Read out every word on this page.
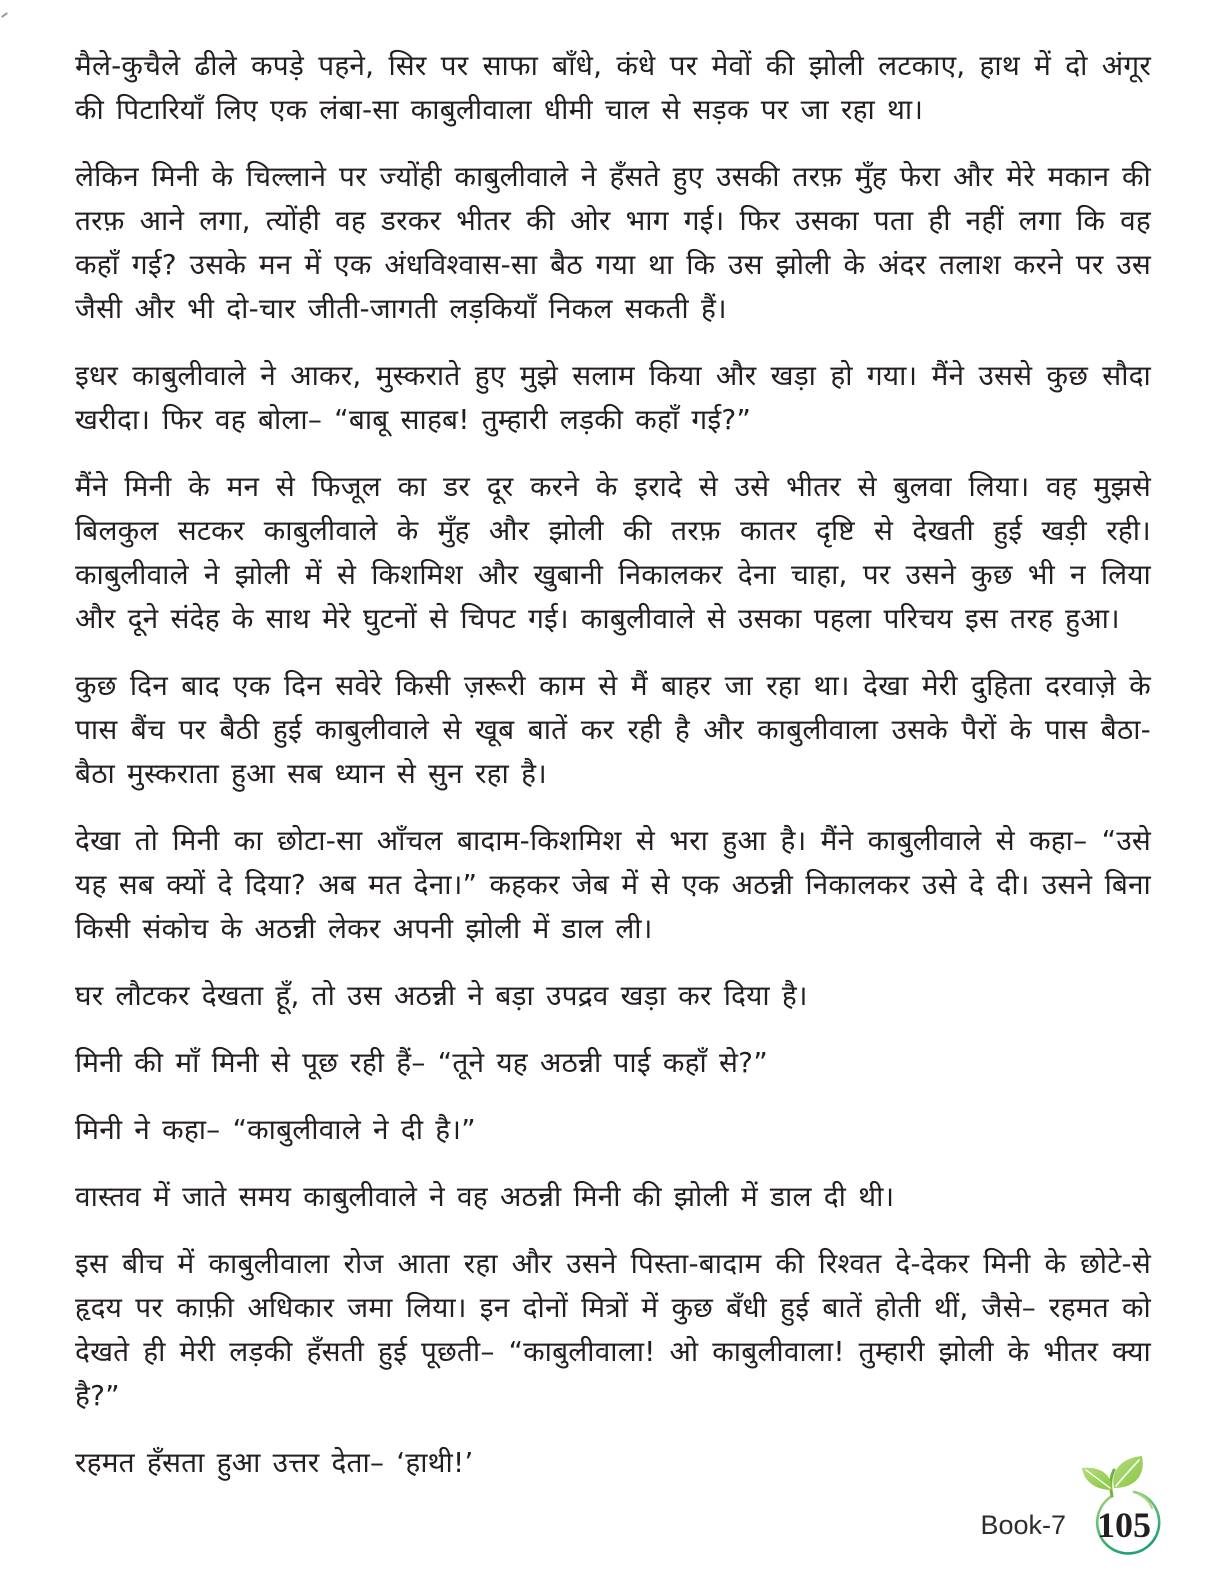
मैले-कुचैले ढीले कपड़े पहने, सिर पर साफा बाँधे, कंधे पर मेवों की झोली लटकाए, हाथ में दो अंगूर की पिटारियाँ लिए एक लंबा-सा काबुलीवाला धीमी चाल से सड़क पर जा रहा था।

लेकिन मिनी के चिल्लाने पर ज्योंही काबुलीवाले ने हँसते हुए उसकी तरफ़ मुँह फेरा और मेरे मकान की तरफ़ आने लगा, त्योंही वह डरकर भीतर की ओर भाग गई। फिर उसका पता ही नहीं लगा कि वह कहाँ गई? उसके मन में एक अंधविश्वास-सा बैठ गया था कि उस झोली के अंदर तलाश करने पर उस जैसी और भी दो-चार जीती-जागती लड़कियाँ निकल सकती हैं।

इधर काबुलीवाले ने आकर, मुस्कराते हुए मुझे सलाम किया और खड़ा हो गया। मैंने उससे कुछ सौदा खरीदा। फिर वह बोला– “बाबू साहब! तुम्हारी लड़की कहाँ गई?”

मैंने मिनी के मन से फिजूल का डर दूर करने के इरादे से उसे भीतर से बुलवा लिया। वह मुझसे बिलकुल सटकर काबुलीवाले के मुँह और झोली की तरफ़ कातर दृष्टि से देखती हुई खड़ी रही। काबुलीवाले ने झोली में से किशमिश और खुबानी निकालकर देना चाहा, पर उसने कुछ भी न लिया और दूने संदेह के साथ मेरे घुटनों से चिपट गई। काबुलीवाले से उसका पहला परिचय इस तरह हुआ।

कुछ दिन बाद एक दिन सवेरे किसी ज़रूरी काम से मैं बाहर जा रहा था। देखा मेरी दुहिता दरवाज़े के पास बैंच पर बैठी हुई काबुलीवाले से खूब बातें कर रही है और काबुलीवाला उसके पैरों के पास बैठा-बैठा मुस्कराता हुआ सब ध्यान से सुन रहा है।

देखा तो मिनी का छोटा-सा आँचल बादाम-किशमिश से भरा हुआ है। मैंने काबुलीवाले से कहा– “उसे यह सब क्यों दे दिया? अब मत देना।” कहकर जेब में से एक अठन्नी निकालकर उसे दे दी। उसने बिना किसी संकोच के अठन्नी लेकर अपनी झोली में डाल ली।

घर लौटकर देखता हूँ, तो उस अठन्नी ने बड़ा उपद्रव खड़ा कर दिया है।

मिनी की माँ मिनी से पूछ रही हैं– “तूने यह अठन्नी पाई कहाँ से?”

मिनी ने कहा– “काबुलीवाले ने दी है।”

वास्तव में जाते समय काबुलीवाले ने वह अठन्नी मिनी की झोली में डाल दी थी।

इस बीच में काबुलीवाला रोज आता रहा और उसने पिस्ता-बादाम की रिश्वत दे-देकर मिनी के छोटे-से हृदय पर काफ़ी अधिकार जमा लिया। इन दोनों मित्रों में कुछ बँधी हुई बातें होती थीं, जैसे– रहमत को देखते ही मेरी लड़की हँसती हुई पूछती– “काबुलीवाला! ओ काबुलीवाला! तुम्हारी झोली के भीतर क्या है?”

रहमत हँसता हुआ उत्तर देता– ‘हाथी!’

Book-7 105
